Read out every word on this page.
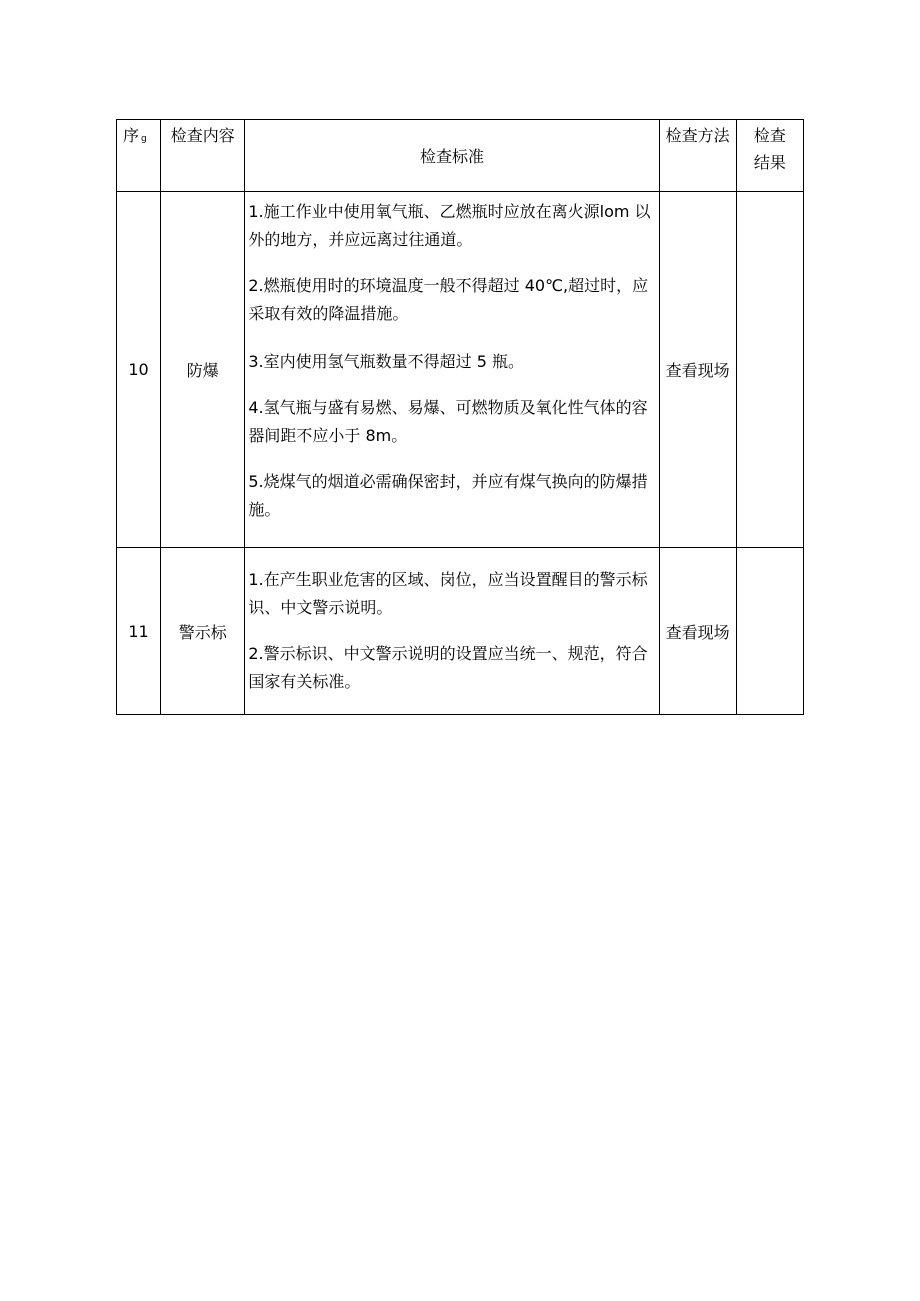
序 g	检查内容	检查标准	检查方法	检查
结果
10	防爆	1.施工作业中使用氧气瓶、乙燃瓶时应放在离火源lom 以外的地方，并应远离过往通道。

2.燃瓶使用时的环境温度一般不得超过 40℃,超过时，应采取有效的降温措施。

3.室内使用氢气瓶数量不得超过 5 瓶。

4.氢气瓶与盛有易燃、易爆、可燃物质及氧化性气体的容器间距不应小于 8m。

5.烧煤气的烟道必需确保密封，并应有煤气换向的防爆措施。	查看现场	
11	警示标	1.在产生职业危害的区域、岗位，应当设置醒目的警示标识、中文警示说明。

2.警示标识、中文警示说明的设置应当统一、规范，符合国家有关标准。	查看现场	
